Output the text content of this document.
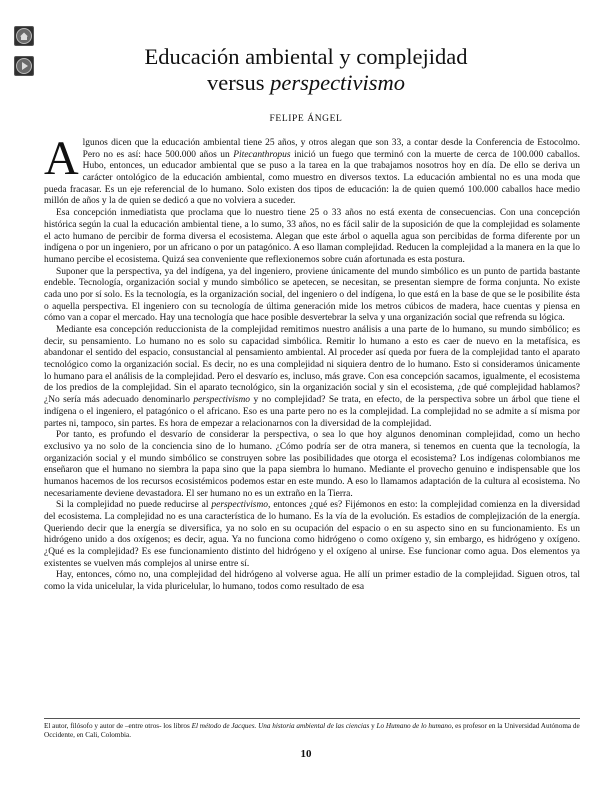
Educación ambiental y complejidad
versus perspectivismo
FELIPE ÁNGEL

Algunos dicen que la educación ambiental tiene 25 años, y otros alegan que son 33, a contar desde la Conferencia de Estocolmo. Pero no es así: hace 500.000 años un Pitecanthropus inició un fuego que terminó con la muerte de cerca de 100.000 caballos. Hubo, entonces, un educador ambiental que se puso a la tarea en la que trabajamos nosotros hoy en día. De ello se deriva un carácter ontológico de la educación ambiental, como muestro en diversos textos. La educación ambiental no es una moda que pueda fracasar. Es un eje referencial de lo humano. Solo existen dos tipos de educación: la de quien quemó 100.000 caballos hace medio millón de años y la de quien se dedicó a que no volviera a suceder.

Esa concepción inmediatista que proclama que lo nuestro tiene 25 o 33 años no está exenta de consecuencias. Con una concepción histórica según la cual la educación ambiental tiene, a lo sumo, 33 años, no es fácil salir de la suposición de que la complejidad es solamente el acto humano de percibir de forma diversa el ecosistema. Alegan que este árbol o aquella agua son percibidas de forma diferente por un indígena o por un ingeniero, por un africano o por un patagónico. A eso llaman complejidad. Reducen la complejidad a la manera en la que lo humano percibe el ecosistema. Quizá sea conveniente que reflexionemos sobre cuán afortunada es esta postura.

Suponer que la perspectiva, ya del indígena, ya del ingeniero, proviene únicamente del mundo simbólico es un punto de partida bastante endeble. Tecnología, organización social y mundo simbólico se apetecen, se necesitan, se presentan siempre de forma conjunta. No existe cada uno por sí solo. Es la tecnología, es la organización social, del ingeniero o del indígena, lo que está en la base de que se le posibilite ésta o aquella perspectiva. El ingeniero con su tecnología de última generación mide los metros cúbicos de madera, hace cuentas y piensa en cómo van a copar el mercado. Hay una tecnología que hace posible desvertebrar la selva y una organización social que refrenda su lógica.

Mediante esa concepción reduccionista de la complejidad remitimos nuestro análisis a una parte de lo humano, su mundo simbólico; es decir, su pensamiento. Lo humano no es solo su capacidad simbólica. Remitir lo humano a esto es caer de nuevo en la metafísica, es abandonar el sentido del espacio, consustancial al pensamiento ambiental. Al proceder así queda por fuera de la complejidad tanto el aparato tecnológico como la organización social. Es decir, no es una complejidad ni siquiera dentro de lo humano. Esto si consideramos únicamente lo humano para el análisis de la complejidad. Pero el desvarío es, incluso, más grave. Con esa concepción sacamos, igualmente, el ecosistema de los predios de la complejidad. Sin el aparato tecnológico, sin la organización social y sin el ecosistema, ¿de qué complejidad hablamos? ¿No sería más adecuado denominarlo perspectivismo y no complejidad? Se trata, en efecto, de la perspectiva sobre un árbol que tiene el indígena o el ingeniero, el patagónico o el africano. Eso es una parte pero no es la complejidad. La complejidad no se admite a sí misma por partes ni, tampoco, sin partes. Es hora de empezar a relacionarnos con la diversidad de la complejidad.

Por tanto, es profundo el desvarío de considerar la perspectiva, o sea lo que hoy algunos denominan complejidad, como un hecho exclusivo ya no solo de la conciencia sino de lo humano. ¿Cómo podría ser de otra manera, si tenemos en cuenta que la tecnología, la organización social y el mundo simbólico se construyen sobre las posibilidades que otorga el ecosistema? Los indígenas colombianos me enseñaron que el humano no siembra la papa sino que la papa siembra lo humano. Mediante el provecho genuino e indispensable que los humanos hacemos de los recursos ecosistémicos podemos estar en este mundo. A eso lo llamamos adaptación de la cultura al ecosistema. No necesariamente deviene devastadora. El ser humano no es un extraño en la Tierra.

Si la complejidad no puede reducirse al perspectivismo, entonces ¿qué es? Fijémonos en esto: la complejidad comienza en la diversidad del ecosistema. La complejidad no es una característica de lo humano. Es la vía de la evolución. Es estadios de complejización de la energía. Queriendo decir que la energía se diversifica, ya no solo en su ocupación del espacio o en su aspecto sino en su funcionamiento. Es un hidrógeno unido a dos oxígenos; es decir, agua. Ya no funciona como hidrógeno o como oxígeno y, sin embargo, es hidrógeno y oxígeno. ¿Qué es la complejidad? Es ese funcionamiento distinto del hidrógeno y el oxígeno al unirse. Ese funcionar como agua. Dos elementos ya existentes se vuelven más complejos al unirse entre sí.

Hay, entonces, cómo no, una complejidad del hidrógeno al volverse agua. He allí un primer estadio de la complejidad. Siguen otros, tal como la vida unicelular, la vida pluricelular, lo humano, todos como resultado de esa

El autor, filósofo y autor de –entre otros- los libros El método de Jacques. Una historia ambiental de las ciencias y Lo Humano de lo humano, es profesor en la Universidad Autónoma de Occidente, en Cali, Colombia.
10
